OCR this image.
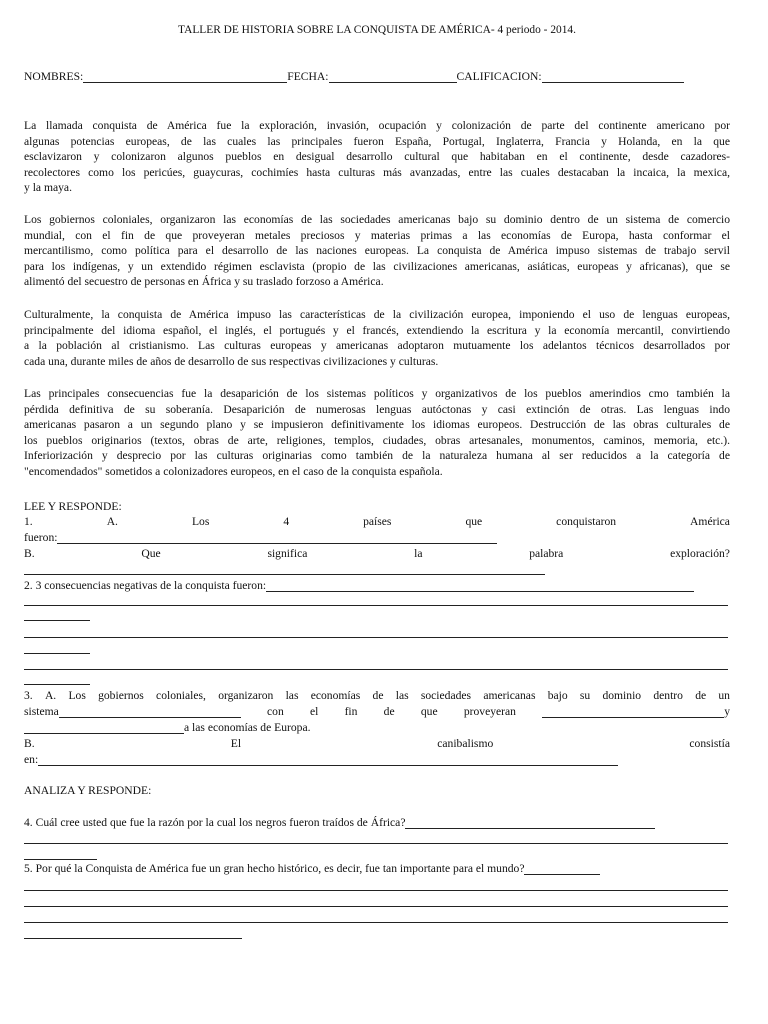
TALLER DE HISTORIA SOBRE LA CONQUISTA DE AMÉRICA- 4 periodo - 2014.
NOMBRES:	FECHA:	CALIFICACION:
La llamada conquista de América fue la exploración, invasión, ocupación y colonización de parte del continente americano por
algunas potencias europeas, de las cuales las principales fueron España, Portugal, Inglaterra, Francia y Holanda, en la que
esclavizaron y colonizaron algunos pueblos en desigual desarrollo cultural que habitaban en el continente, desde cazadores-
recolectores como los pericúes, guaycuras, cochimíes hasta culturas más avanzadas, entre las cuales destacaban la incaica, la mexica,
y la maya.
Los gobiernos coloniales, organizaron las economías de las sociedades americanas bajo su dominio dentro de un sistema de comercio
mundial, con el fin de que proveyeran metales preciosos y materias primas a las economías de Europa, hasta conformar el
mercantilismo, como política para el desarrollo de las naciones europeas. La conquista de América impuso sistemas de trabajo servil
para los indígenas, y un extendido régimen esclavista (propio de las civilizaciones americanas, asiáticas, europeas y africanas), que se
alimentó del secuestro de personas en África y su traslado forzoso a América.
Culturalmente, la conquista de América impuso las características de la civilización europea, imponiendo el uso de lenguas europeas,
principalmente del idioma español, el inglés, el portugués y el francés, extendiendo la escritura y la economía mercantil, convirtiendo
a la población al cristianismo. Las culturas europeas y americanas adoptaron mutuamente los adelantos técnicos desarrollados por
cada una, durante miles de años de desarrollo de sus respectivas civilizaciones y culturas.
Las principales consecuencias fue la desaparición de los sistemas políticos y organizativos de los pueblos amerindios cmo también la
pérdida definitiva de su soberanía. Desaparición de numerosas lenguas autóctonas y casi extinción de otras. Las lenguas indo
americanas pasaron a un segundo plano y se impusieron definitivamente los idiomas europeos. Destrucción de las obras culturales de
los pueblos originarios (textos, obras de arte, religiones, templos, ciudades, obras artesanales, monumentos, caminos, memoria, etc.).
Inferiorización y desprecio por las culturas originarias como también de la naturaleza humana al ser reducidos a la categoría de
"encomendados" sometidos a colonizadores europeos, en el caso de la conquista española.
LEE Y RESPONDE:
1.	A.	Los	4	países	que	conquistaron	América
fueron:
B.	Que	significa	la	palabra	exploración?
2. 3 consecuencias negativas de la conquista fueron:
3. A. Los gobiernos coloniales, organizaron las economías de las sociedades americanas bajo su dominio dentro de un
sistema	con el fin de que proveyeran	y
a las economías de Europa.
B.	El	canibalismo	consistía
en:
ANALIZA Y RESPONDE:
4. Cuál cree usted que fue la razón por la cual los negros fueron traídos de África?
5. Por qué la Conquista de América fue un gran hecho histórico, es decir, fue tan importante para el mundo?
